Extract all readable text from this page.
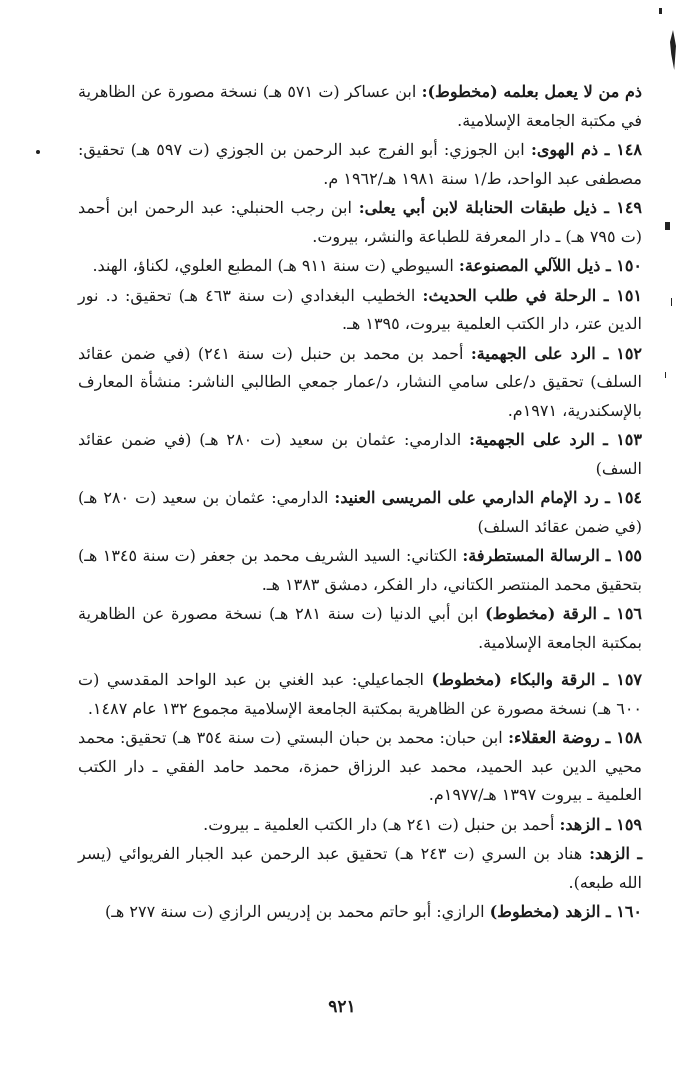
ذم من لا يعمل بعلمه (مخطوط): ابن عساكر (ت ٥٧١ هـ) نسخة مصورة عن الظاهرية في مكتبة الجامعة الإسلامية.

١٤٨ ـ ذم الهوى: ابن الجوزي: أبو الفرج عبد الرحمن بن الجوزي (ت ٥٩٧ هـ) تحقيق: مصطفى عبد الواحد، ط/١ سنة ١٩٨١ هـ/١٩٦٢ م.

١٤٩ ـ ذيل طبقات الحنابلة لابن أبي يعلى: ابن رجب الحنبلي: عبد الرحمن ابن أحمد (ت ٧٩٥ هـ) ـ دار المعرفة للطباعة والنشر، بيروت.

١٥٠ ـ ذيل اللآلي المصنوعة: السيوطي (ت سنة ٩١١ هـ) المطبع العلوي، لكناؤ، الهند.

١٥١ ـ الرحلة في طلب الحديث: الخطيب البغدادي (ت سنة ٤٦٣ هـ) تحقيق: د. نور الدين عتر، دار الكتب العلمية بيروت، ١٣٩٥ هـ.

١٥٢ ـ الرد على الجهمية: أحمد بن محمد بن حنبل (ت سنة ٢٤١) (في ضمن عقائد السلف) تحقيق د/على سامي النشار، د/عمار جمعي الطالبي الناشر: منشأة المعارف بالإسكندرية، ١٩٧١م.

١٥٣ ـ الرد على الجهمية: الدارمي: عثمان بن سعيد (ت ٢٨٠ هـ) (في ضمن عقائد السف)

١٥٤ ـ رد الإمام الدارمي على المريسى العنيد: الدارمي: عثمان بن سعيد (ت ٢٨٠ هـ) (في ضمن عقائد السلف)

١٥٥ ـ الرسالة المستطرفة: الكتاني: السيد الشريف محمد بن جعفر (ت سنة ١٣٤٥ هـ) بتحقيق محمد المنتصر الكتاني، دار الفكر، دمشق ١٣٨٣ هـ.

١٥٦ ـ الرقة (مخطوط) ابن أبي الدنيا (ت سنة ٢٨١ هـ) نسخة مصورة عن الظاهرية بمكتبة الجامعة الإسلامية.

١٥٧ ـ الرقة والبكاء (مخطوط) الجماعيلي: عبد الغني بن عبد الواحد المقدسي (ت ٦٠٠ هـ) نسخة مصورة عن الظاهرية بمكتبة الجامعة الإسلامية مجموع ١٣٢ عام ١٤٨٧.

١٥٨ ـ روضة العقلاء: ابن حبان: محمد بن حبان البستي (ت سنة ٣٥٤ هـ) تحقيق: محمد محيي الدين عبد الحميد، محمد عبد الرزاق حمزة، محمد حامد الفقي ـ دار الكتب العلمية ـ بيروت ١٣٩٧ هـ/١٩٧٧م.

١٥٩ ـ الزهد: أحمد بن حنبل (ت ٢٤١ هـ) دار الكتب العلمية ـ بيروت.

ـ الزهد: هناد بن السري (ت ٢٤٣ هـ) تحقيق عبد الرحمن عبد الجبار الفريوائي (يسر الله طبعه).

١٦٠ ـ الزهد (مخطوط) الرازي: أبو حاتم محمد بن إدريس الرازي (ت سنة ٢٧٧ هـ)

٩٢١
